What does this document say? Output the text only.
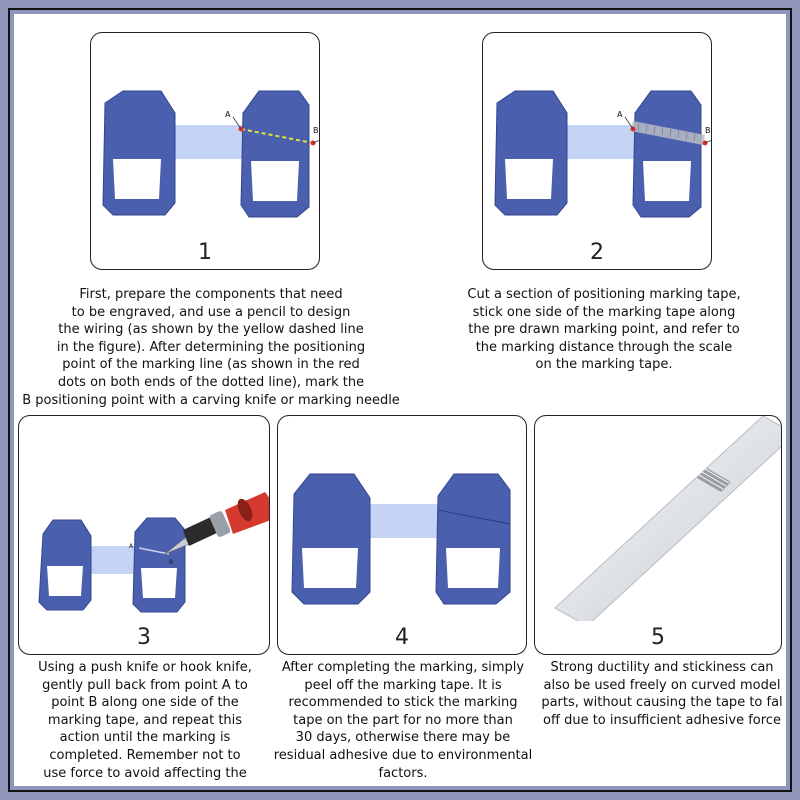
A
B
1
First, prepare the components that need
to be engraved, and use a pencil to design
the wiring (as shown by the yellow dashed line
in the figure). After determining the positioning
point of the marking line (as shown in the red
dots on both ends of the dotted line), mark the
B positioning point with a carving knife or marking needle
A
B
2
Cut a section of positioning marking tape,
stick one side of the marking tape along
the pre drawn marking point, and refer to
the marking distance through the scale
on the marking tape.
A
B
3
Using a push knife or hook knife,
gently pull back from point A to
point B along one side of the
marking tape, and repeat this
action until the marking is
completed. Remember not to
use force to avoid affecting the
4
After completing the marking, simply
peel off the marking tape. It is
recommended to stick the marking
tape on the part for no more than
30 days, otherwise there may be
residual adhesive due to environmental
factors.
5
Strong ductility and stickiness can
also be used freely on curved model
parts, without causing the tape to fal
off due to insufficient adhesive force
